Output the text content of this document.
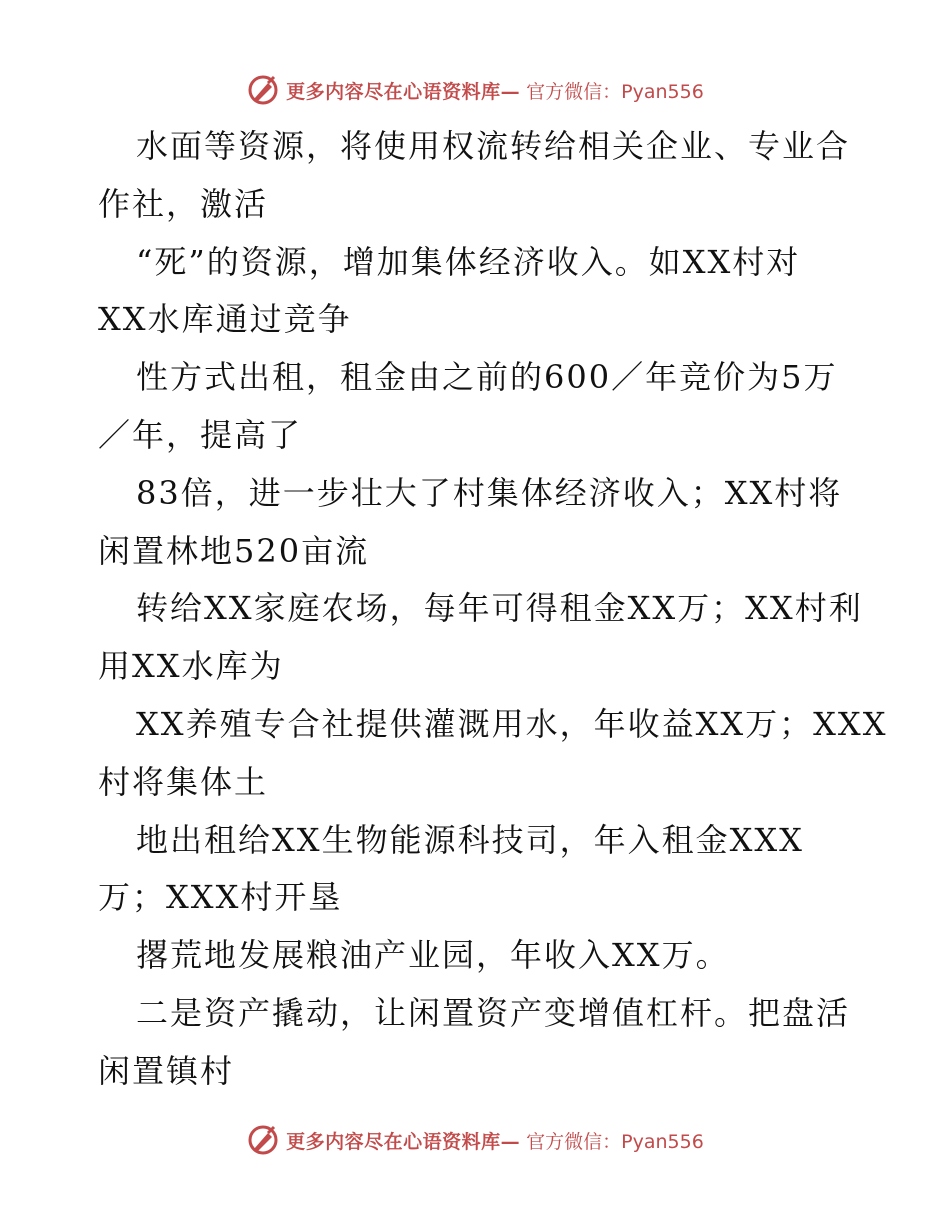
更多内容尽在心语资料库— 官方微信：Pyan556
水面等资源，将使用权流转给相关企业、专业合
作社，激活
“死”的资源，增加集体经济收入。如XX村对
XX水库通过竞争
性方式出租，租金由之前的600／年竞价为5万
／年，提高了
83倍，进一步壮大了村集体经济收入；XX村将
闲置林地520亩流
转给XX家庭农场，每年可得租金XX万；XX村利
用XX水库为
XX养殖专合社提供灌溉用水，年收益XX万；XXX
村将集体土
地出租给XX生物能源科技司，年入租金XXX
万；XXX村开垦
撂荒地发展粮油产业园，年收入XX万。
二是资产撬动，让闲置资产变增值杠杆。把盘活
闲置镇村
更多内容尽在心语资料库— 官方微信：Pyan556
